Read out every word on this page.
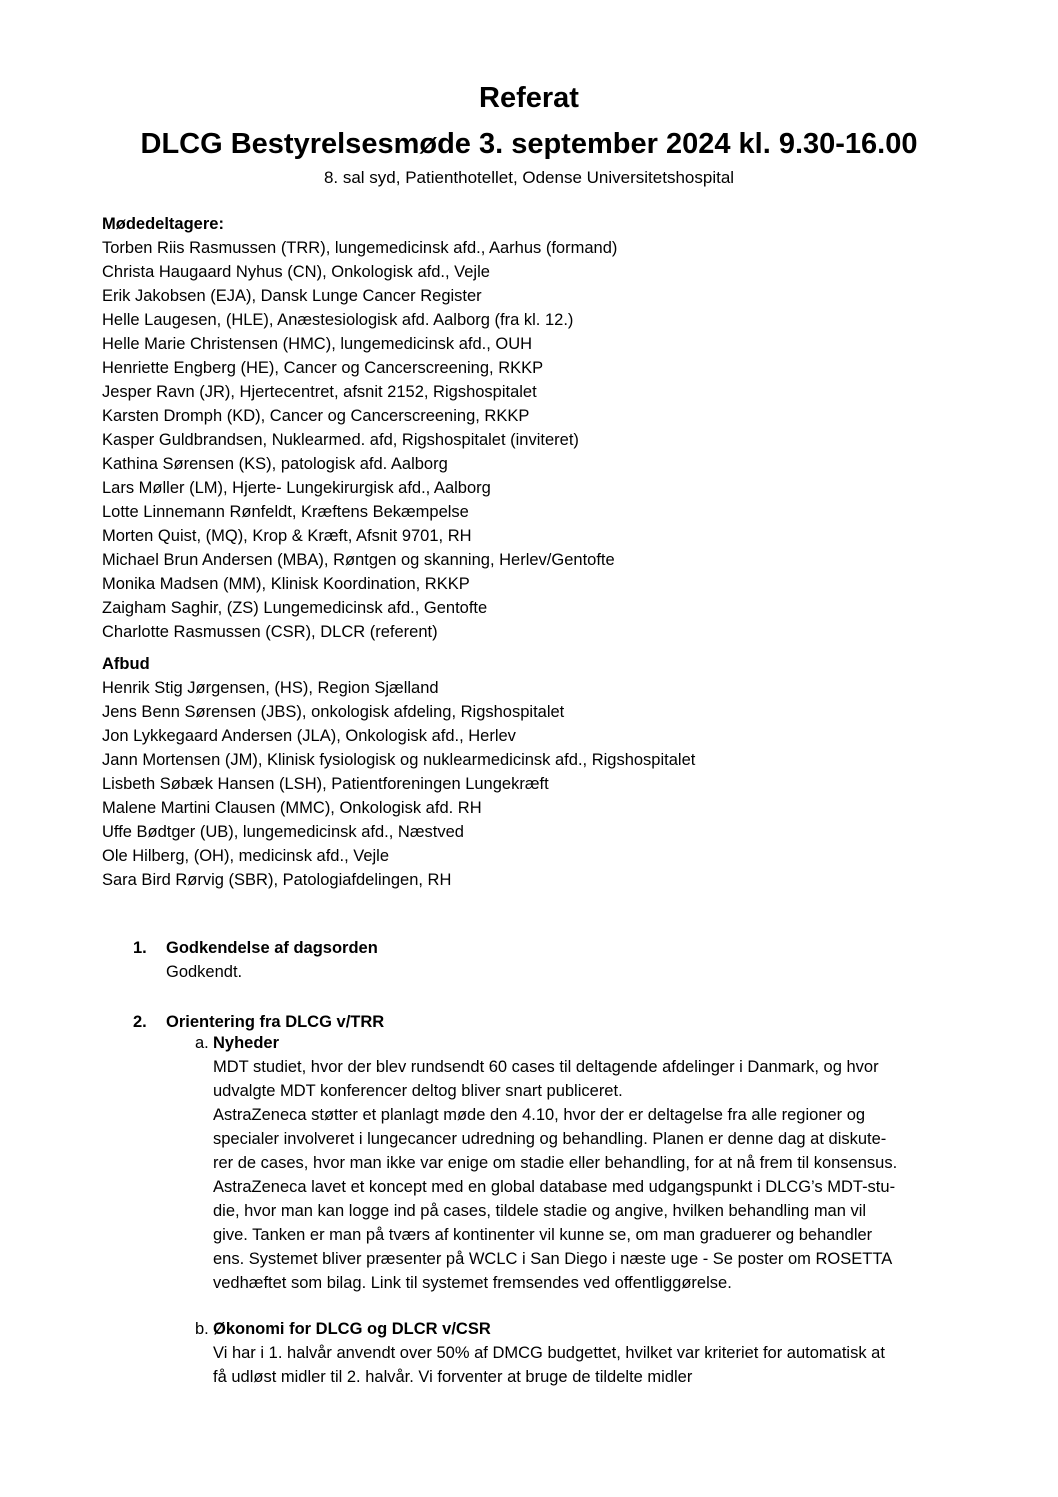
Referat
DLCG Bestyrelsesmøde 3. september 2024 kl. 9.30-16.00
8. sal syd, Patienthotellet, Odense Universitetshospital
Mødedeltagere:
Torben Riis Rasmussen (TRR), lungemedicinsk afd., Aarhus (formand)
Christa Haugaard Nyhus (CN), Onkologisk afd., Vejle
Erik Jakobsen (EJA), Dansk Lunge Cancer Register
Helle Laugesen, (HLE), Anæstesiologisk afd. Aalborg (fra kl. 12.)
Helle Marie Christensen (HMC), lungemedicinsk afd., OUH
Henriette Engberg (HE), Cancer og Cancerscreening, RKKP
Jesper Ravn (JR), Hjertecentret, afsnit 2152, Rigshospitalet
Karsten Dromph (KD), Cancer og Cancerscreening, RKKP
Kasper Guldbrandsen, Nuklearmed. afd, Rigshospitalet (inviteret)
Kathina Sørensen (KS), patologisk afd. Aalborg
Lars Møller (LM), Hjerte- Lungekirurgisk afd., Aalborg
Lotte Linnemann Rønfeldt, Kræftens Bekæmpelse
Morten Quist, (MQ), Krop & Kræft, Afsnit 9701, RH
Michael Brun Andersen (MBA), Røntgen og skanning, Herlev/Gentofte
Monika Madsen (MM), Klinisk Koordination, RKKP
Zaigham Saghir, (ZS) Lungemedicinsk afd., Gentofte
Charlotte Rasmussen (CSR), DLCR (referent)
Afbud
Henrik Stig Jørgensen, (HS), Region Sjælland
Jens Benn Sørensen (JBS), onkologisk afdeling, Rigshospitalet
Jon Lykkegaard Andersen (JLA), Onkologisk afd., Herlev
Jann Mortensen (JM), Klinisk fysiologisk og nuklearmedicinsk afd., Rigshospitalet
Lisbeth Søbæk Hansen (LSH), Patientforeningen Lungekræft
Malene Martini Clausen (MMC), Onkologisk afd. RH
Uffe Bødtger (UB), lungemedicinsk afd., Næstved
Ole Hilberg, (OH), medicinsk afd., Vejle
Sara Bird Rørvig (SBR), Patologiafdelingen, RH
1.	Godkendelse af dagsorden
Godkendt.
2.	Orientering fra DLCG v/TRR
a. Nyheder
MDT studiet, hvor der blev rundsendt 60 cases til deltagende afdelinger i Danmark, og hvor
udvalgte MDT konferencer deltog bliver snart publiceret.
AstraZeneca støtter et planlagt møde den 4.10, hvor der er deltagelse fra alle regioner og
specialer involveret i lungecancer udredning og behandling. Planen er denne dag at diskute-
rer de cases, hvor man ikke var enige om stadie eller behandling, for at nå frem til konsensus.
AstraZeneca lavet et koncept med en global database med udgangspunkt i DLCG’s MDT-stu-
die, hvor man kan logge ind på cases, tildele stadie og angive, hvilken behandling man vil
give. Tanken er man på tværs af kontinenter vil kunne se, om man graduerer og behandler
ens. Systemet bliver præsenter på WCLC i San Diego i næste uge - Se poster om ROSETTA
vedhæftet som bilag. Link til systemet fremsendes ved offentliggørelse.
b. Økonomi for DLCG og DLCR v/CSR
Vi har i 1. halvår anvendt over 50% af DMCG budgettet, hvilket var kriteriet for automatisk at
få udløst midler til 2. halvår. Vi forventer at bruge de tildelte midler
